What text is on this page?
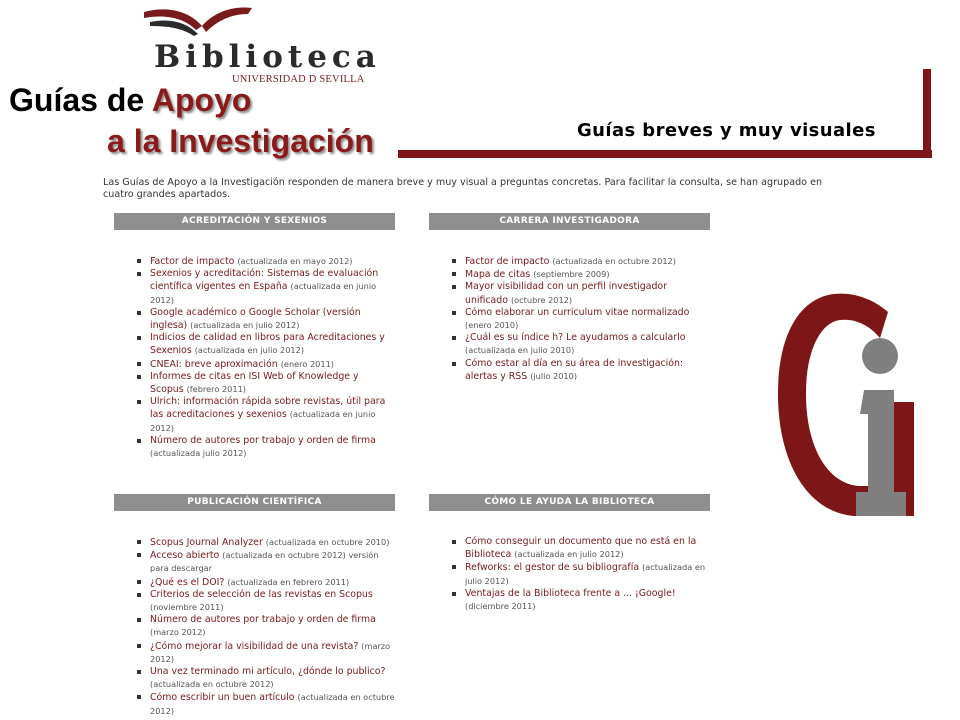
Biblioteca
UNIVERSIDAD D SEVILLA
Guías de Apoyo
a la Investigación	Guías breves y muy visuales

Las Guías de Apoyo a la Investigación responden de manera breve y muy visual a preguntas concretas. Para facilitar la consulta, se han agrupado en cuatro grandes apartados.

ACREDITACIÓN Y SEXENIOS
Factor de impacto (actualizada en mayo 2012)
Sexenios y acreditación: Sistemas de evaluación científica vigentes en España (actualizada en junio 2012)
Google académico o Google Scholar (versión inglesa) (actualizada en julio 2012)
Indicios de calidad en libros para Acreditaciones y Sexenios (actualizada en julio 2012)
CNEAI: breve aproximación (enero 2011)
Informes de citas en ISI Web of Knowledge y Scopus (febrero 2011)
Ulrich: información rápida sobre revistas, útil para las acreditaciones y sexenios (actualizada en junio 2012)
Número de autores por trabajo y orden de firma (actualizada julio 2012)
CARRERA INVESTIGADORA
Factor de impacto (actualizada en octubre 2012)
Mapa de citas (septiembre 2009)
Mayor visibilidad con un perfil investigador unificado (octubre 2012)
Cómo elaborar un curriculum vitae normalizado (enero 2010)
¿Cuál es su índice h? Le ayudamos a calcularlo (actualizada en julio 2010)
Cómo estar al día en su área de investigación: alertas y RSS (julio 2010)
PUBLICACIÓN CIENTÍFICA
Scopus Journal Analyzer (actualizada en octubre 2010)
Acceso abierto (actualizada en octubre 2012) versión para descargar
¿Qué es el DOI? (actualizada en febrero 2011)
Criterios de selección de las revistas en Scopus (noviembre 2011)
Número de autores por trabajo y orden de firma (marzo 2012)
¿Cómo mejorar la visibilidad de una revista? (marzo 2012)
Una vez terminado mi artículo, ¿dónde lo publico? (actualizada en octubre 2012)
Cómo escribir un buen artículo (actualizada en octubre 2012)
CÓMO LE AYUDA LA BIBLIOTECA
Cómo conseguir un documento que no está en la Biblioteca (actualizada en julio 2012)
Refworks: el gestor de su bibliografía (actualizada en julio 2012)
Ventajas de la Biblioteca frente a ... ¡Google! (diciembre 2011)
